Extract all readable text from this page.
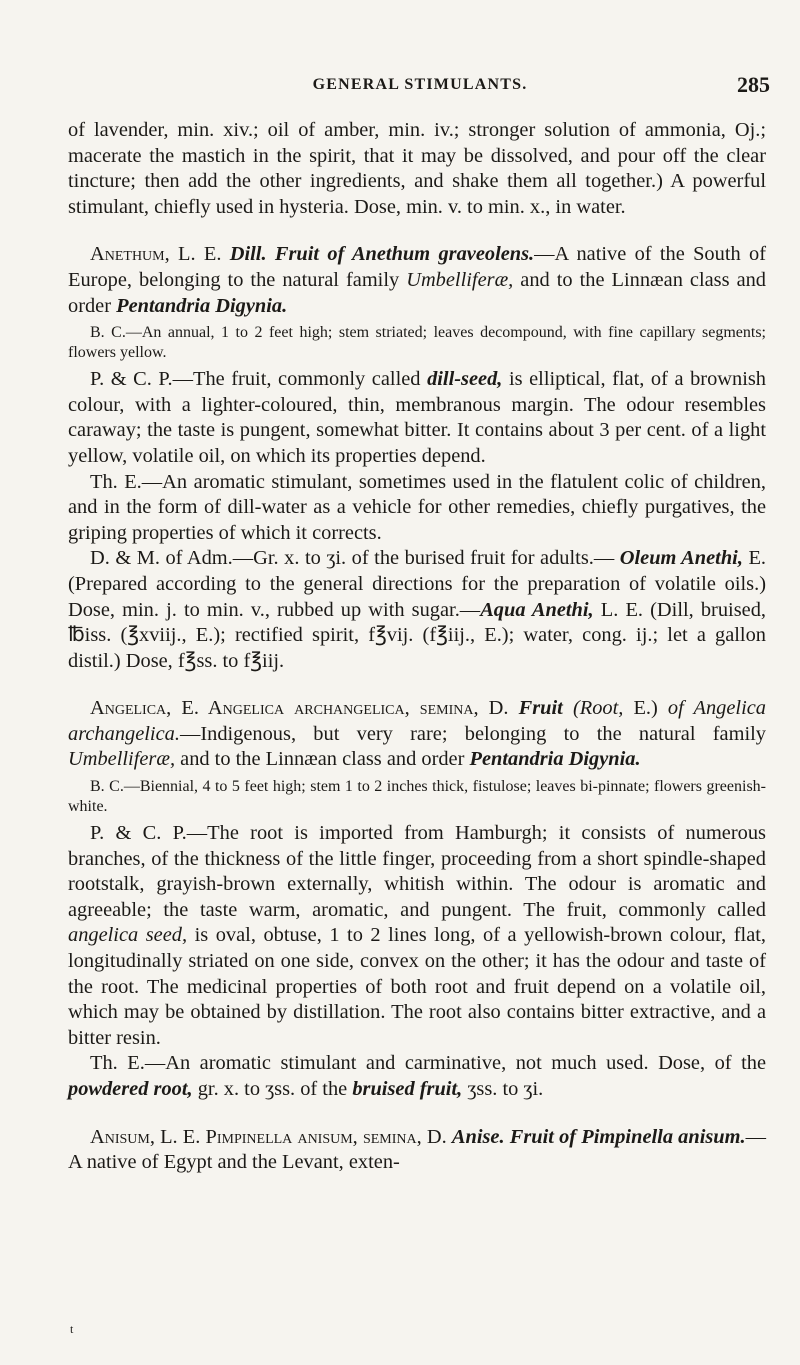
GENERAL STIMULANTS.	285

of lavender, min. xiv.; oil of amber, min. iv.; stronger solution of ammonia, Oj.; macerate the mastich in the spirit, that it may be dissolved, and pour off the clear tincture; then add the other ingredients, and shake them all together.) A powerful stimulant, chiefly used in hysteria. Dose, min. v. to min. x., in water.

Anethum, L. E. Dill. Fruit of Anethum graveolens.—A native of the South of Europe, belonging to the natural family Umbelliferæ, and to the Linnæan class and order Pentandria Digynia.

B. C.—An annual, 1 to 2 feet high; stem striated; leaves decompound, with fine capillary segments; flowers yellow.

P. & C. P.—The fruit, commonly called dill-seed, is elliptical, flat, of a brownish colour, with a lighter-coloured, thin, membranous margin. The odour resembles caraway; the taste is pungent, somewhat bitter. It contains about 3 per cent. of a light yellow, volatile oil, on which its properties depend.

Th. E.—An aromatic stimulant, sometimes used in the flatulent colic of children, and in the form of dill-water as a vehicle for other remedies, chiefly purgatives, the griping properties of which it corrects.

D. & M. of Adm.—Gr. x. to ʒi. of the burised fruit for adults.— Oleum Anethi, E. (Prepared according to the general directions for the preparation of volatile oils.) Dose, min. j. to min. v., rubbed up with sugar.—Aqua Anethi, L. E. (Dill, bruised, ℔iss. (℥xviij., E.); rectified spirit, f℥vij. (f℥iij., E.); water, cong. ij.; let a gallon distil.) Dose, f℥ss. to f℥iij.

Angelica, E. Angelica archangelica, semina, D. Fruit (Root, E.) of Angelica archangelica.—Indigenous, but very rare; belonging to the natural family Umbelliferæ, and to the Linnæan class and order Pentandria Digynia.

B. C.—Biennial, 4 to 5 feet high; stem 1 to 2 inches thick, fistulose; leaves bi-pinnate; flowers greenish-white.

P. & C. P.—The root is imported from Hamburgh; it consists of numerous branches, of the thickness of the little finger, proceeding from a short spindle-shaped rootstalk, grayish-brown externally, whitish within. The odour is aromatic and agreeable; the taste warm, aromatic, and pungent. The fruit, commonly called angelica seed, is oval, obtuse, 1 to 2 lines long, of a yellowish-brown colour, flat, longitudinally striated on one side, convex on the other; it has the odour and taste of the root. The medicinal properties of both root and fruit depend on a volatile oil, which may be obtained by distillation. The root also contains bitter extractive, and a bitter resin.

Th. E.—An aromatic stimulant and carminative, not much used. Dose, of the powdered root, gr. x. to ʒss. of the bruised fruit, ʒss. to ʒi.

Anisum, L. E. Pimpinella anisum, semina, D. Anise. Fruit of Pimpinella anisum.—A native of Egypt and the Levant, exten-

t
